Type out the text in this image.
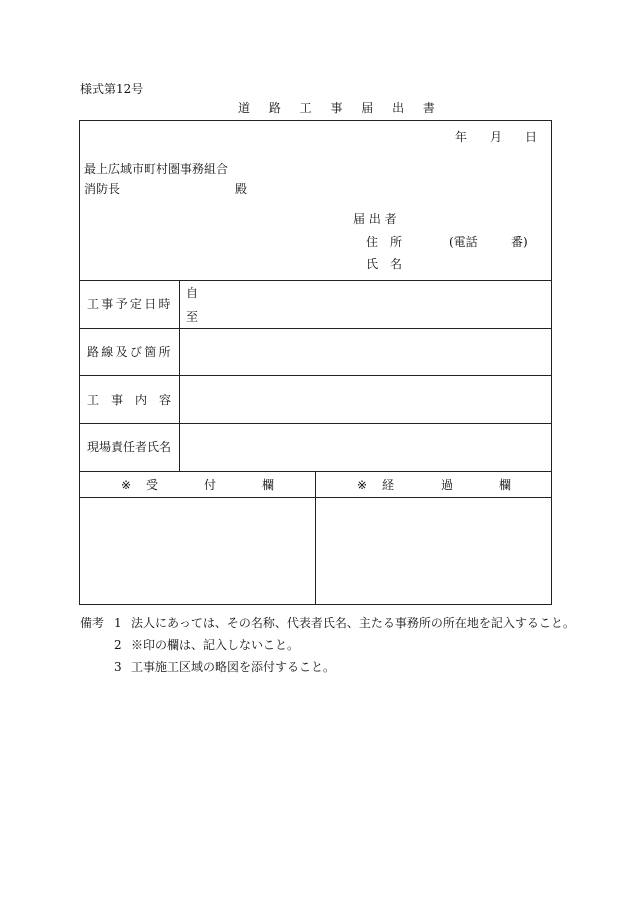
様式第12号
道 路 工 事 届 出 書
年 月 日
最上広域市町村圏事務組合
消防長	殿
届 出 者
住　所	(電話	番)
氏　名
工事予定日時
自
至
路線及び箇所
工　事　内　容
現場責任者氏名
※ 受	付	欄	※ 経	過	欄
備考 1 法人にあっては、その名称、代表者氏名、主たる事務所の所在地を記入すること。
2 ※印の欄は、記入しないこと。
3 工事施工区域の略図を添付すること。
